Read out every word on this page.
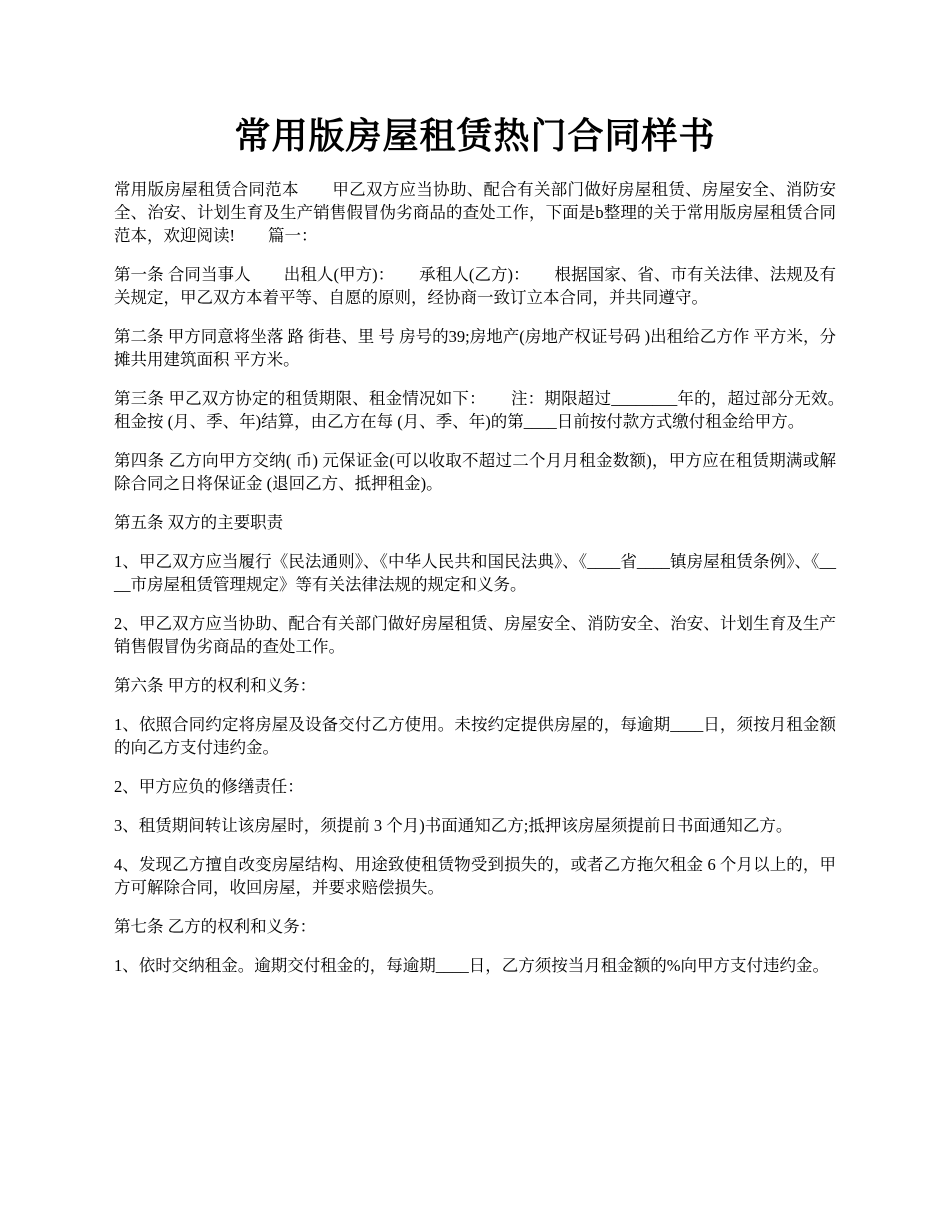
常用版房屋租赁热门合同样书

常用版房屋租赁合同范本　　甲乙双方应当协助、配合有关部门做好房屋租赁、房屋安全、消防安全、治安、计划生育及生产销售假冒伪劣商品的查处工作，下面是b整理的关于常用版房屋租赁合同范本，欢迎阅读!　　篇一：

第一条 合同当事人　　出租人(甲方)：　　承租人(乙方)：　　根据国家、省、市有关法律、法规及有关规定，甲乙双方本着平等、自愿的原则，经协商一致订立本合同，并共同遵守。

第二条 甲方同意将坐落 路 街巷、里 号 房号的39;房地产(房地产权证号码 )出租给乙方作 平方米，分摊共用建筑面积 平方米。

第三条 甲乙双方协定的租赁期限、租金情况如下：　　注：期限超过________年的，超过部分无效。　　租金按 (月、季、年)结算，由乙方在每 (月、季、年)的第____日前按付款方式缴付租金给甲方。

第四条 乙方向甲方交纳( 币) 元保证金(可以收取不超过二个月月租金数额)，甲方应在租赁期满或解除合同之日将保证金 (退回乙方、抵押租金)。

第五条 双方的主要职责

1、甲乙双方应当履行《民法通则》、《中华人民共和国民法典》、《____省____镇房屋租赁条例》、《____市房屋租赁管理规定》等有关法律法规的规定和义务。

2、甲乙双方应当协助、配合有关部门做好房屋租赁、房屋安全、消防安全、治安、计划生育及生产销售假冒伪劣商品的查处工作。

第六条 甲方的权利和义务：

1、依照合同约定将房屋及设备交付乙方使用。未按约定提供房屋的，每逾期____日，须按月租金额的向乙方支付违约金。

2、甲方应负的修缮责任：

3、租赁期间转让该房屋时，须提前 3 个月)书面通知乙方;抵押该房屋须提前日书面通知乙方。

4、发现乙方擅自改变房屋结构、用途致使租赁物受到损失的，或者乙方拖欠租金 6 个月以上的，甲方可解除合同，收回房屋，并要求赔偿损失。

第七条 乙方的权利和义务：

1、依时交纳租金。逾期交付租金的，每逾期____日，乙方须按当月租金额的%向甲方支付违约金。
